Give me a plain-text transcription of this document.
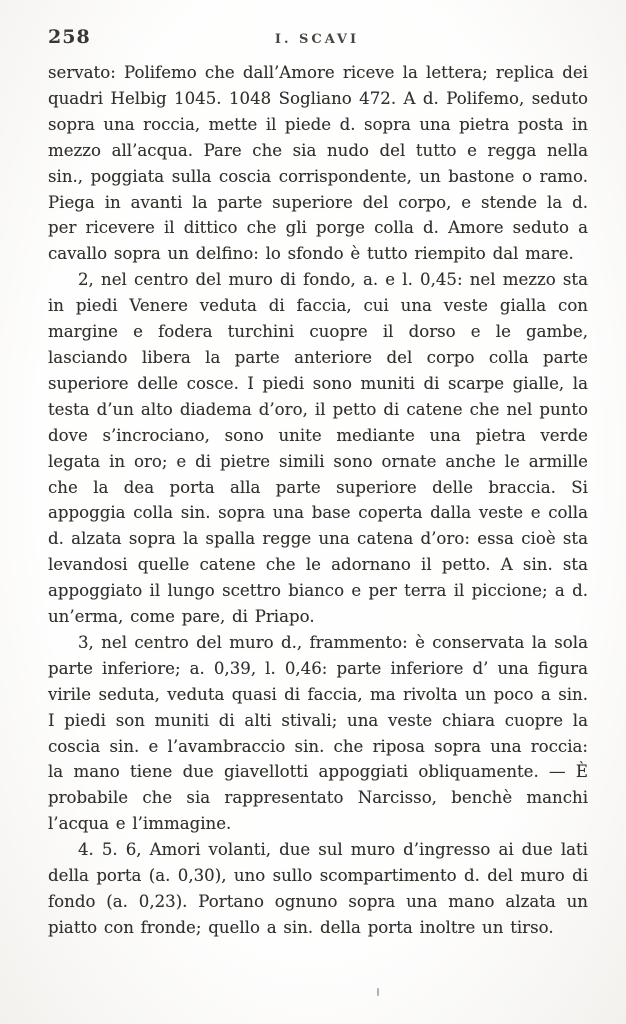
258	I. SCAVI

servato: Polifemo che dall’Amore riceve la lettera; replica dei quadri Helbig 1045. 1048 Sogliano 472. A d. Polifemo, seduto sopra una roccia, mette il piede d. sopra una pietra posta in mezzo all’acqua. Pare che sia nudo del tutto e regga nella sin., poggiata sulla coscia corrispondente, un bastone o ramo. Piega in avanti la parte superiore del corpo, e stende la d. per ricevere il dittico che gli porge colla d. Amore seduto a cavallo sopra un delfino: lo sfondo è tutto riempito dal mare.

2, nel centro del muro di fondo, a. e l. 0,45: nel mezzo sta in piedi Venere veduta di faccia, cui una veste gialla con margine e fodera turchini cuopre il dorso e le gambe, lasciando libera la parte anteriore del corpo colla parte superiore delle cosce. I piedi sono muniti di scarpe gialle, la testa d’un alto diadema d’oro, il petto di catene che nel punto dove s’incrociano, sono unite mediante una pietra verde legata in oro; e di pietre simili sono ornate anche le armille che la dea porta alla parte superiore delle braccia. Si appoggia colla sin. sopra una base coperta dalla veste e colla d. alzata sopra la spalla regge una catena d’oro: essa cioè sta levandosi quelle catene che le adornano il petto. A sin. sta appoggiato il lungo scettro bianco e per terra il piccione; a d. un’erma, come pare, di Priapo.

3, nel centro del muro d., frammento: è conservata la sola parte inferiore; a. 0,39, l. 0,46: parte inferiore d’ una figura virile seduta, veduta quasi di faccia, ma rivolta un poco a sin. I piedi son muniti di alti stivali; una veste chiara cuopre la coscia sin. e l’avambraccio sin. che riposa sopra una roccia: la mano tiene due giavellotti appoggiati obliquamente. — È probabile che sia rappresentato Narcisso, benchè manchi l’acqua e l’immagine.

4. 5. 6, Amori volanti, due sul muro d’ingresso ai due lati della porta (a. 0,30), uno sullo scompartimento d. del muro di fondo (a. 0,23). Portano ognuno sopra una mano alzata un piatto con fronde; quello a sin. della porta inoltre un tirso.
